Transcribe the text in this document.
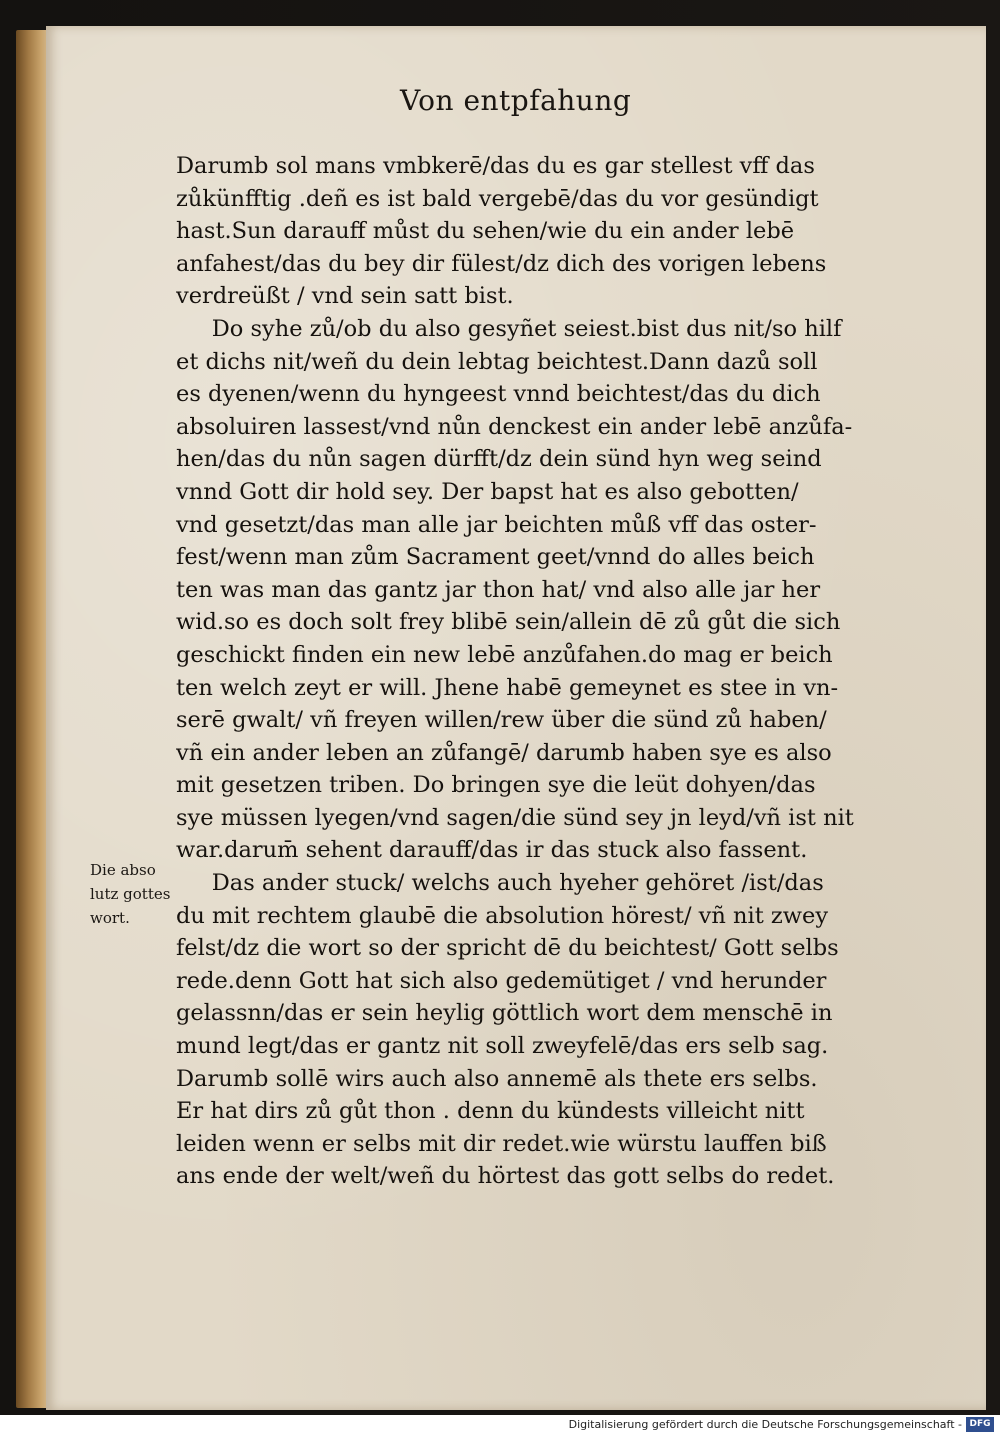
Von entpfahung
Darumb sol mans vmbkerē/das du es gar stellest vff das
zůkünfftig .deñ es ist bald vergebē/das du vor gesündigt
hast.Sun darauff můst du sehen/wie du ein ander lebē
anfahest/das du bey dir fülest/dz dich des vorigen lebens
verdreüßt / vnd sein satt bist.
Do syhe zů/ob du also gesyñet seiest.bist dus nit/so hilf
et dichs nit/weñ du dein lebtag beichtest.Dann dazů soll
es dyenen/wenn du hyngeest vnnd beichtest/das du dich
absoluiren lassest/vnd nůn denckest ein ander lebē anzůfa-
hen/das du nůn sagen dürfft/dz dein sünd hyn weg seind
vnnd Gott dir hold sey. Der bapst hat es also gebotten/
vnd gesetzt/das man alle jar beichten můß vff das oster-
fest/wenn man zům Sacrament geet/vnnd do alles beich
ten was man das gantz jar thon hat/ vnd also alle jar her
wid.so es doch solt frey blibē sein/allein dē zů gůt die sich
geschickt finden ein new lebē anzůfahen.do mag er beich
ten welch zeyt er will. Jhene habē gemeynet es stee in vn-
serē gwalt/ vñ freyen willen/rew über die sünd zů haben/
vñ ein ander leben an zůfangē/ darumb haben sye es also
mit gesetzen triben. Do bringen sye die leüt dohyen/das
sye müssen lyegen/vnd sagen/die sünd sey jn leyd/vñ ist nit
war.darum̄ sehent darauff/das ir das stuck also fassent.
Das ander stuck/ welchs auch hyeher gehöret /ist/das
du mit rechtem glaubē die absolution hörest/ vñ nit zwey
felst/dz die wort so der spricht dē du beichtest/ Gott selbs
rede.denn Gott hat sich also gedemütiget / vnd herunder
gelassnn/das er sein heylig göttlich wort dem menschē in
mund legt/das er gantz nit soll zweyfelē/das ers selb sag.
Darumb sollē wirs auch also annemē als thete ers selbs.
Er hat dirs zů gůt thon . denn du kündests villeicht nitt
leiden wenn er selbs mit dir redet.wie würstu lauffen biß
ans ende der welt/weñ du hörtest das gott selbs do redet.
Die abso
lutz gottes
wort.
Digitalisierung gefördert durch die Deutsche Forschungsgemeinschaft - DFG
